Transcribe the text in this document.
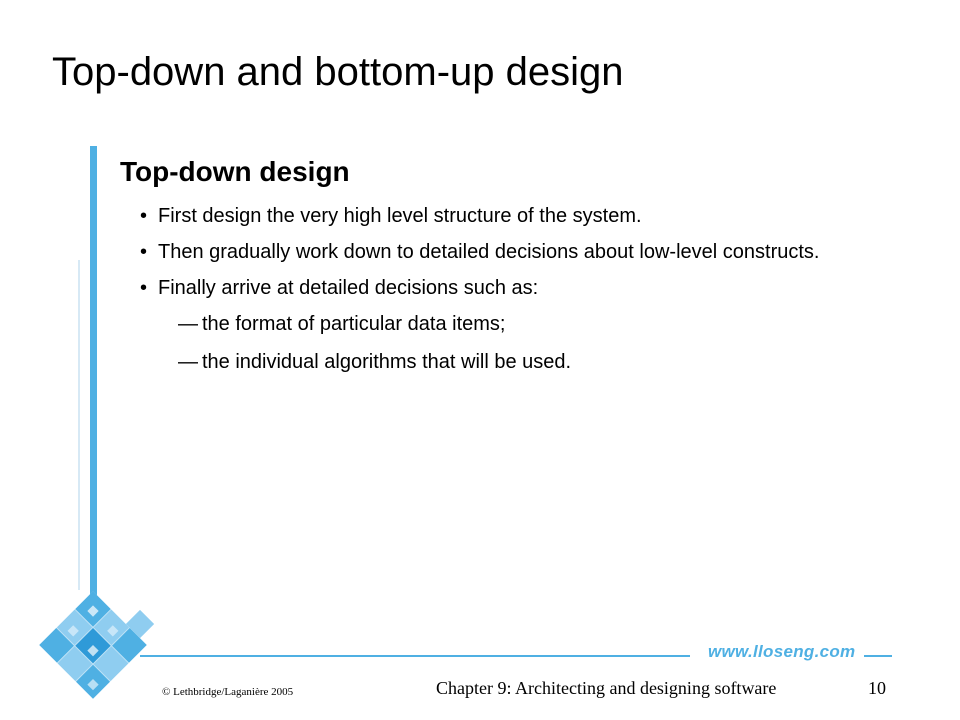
Top-down and bottom-up design
Top-down design
• First design the very high level structure of the system.
• Then gradually work down to detailed decisions about low-level constructs.
• Finally arrive at detailed decisions such as:
— the format of particular data items;
— the individual algorithms that will be used.
www.lloseng.com
© Lethbridge/Laganière 2005	Chapter 9: Architecting and designing software	10
